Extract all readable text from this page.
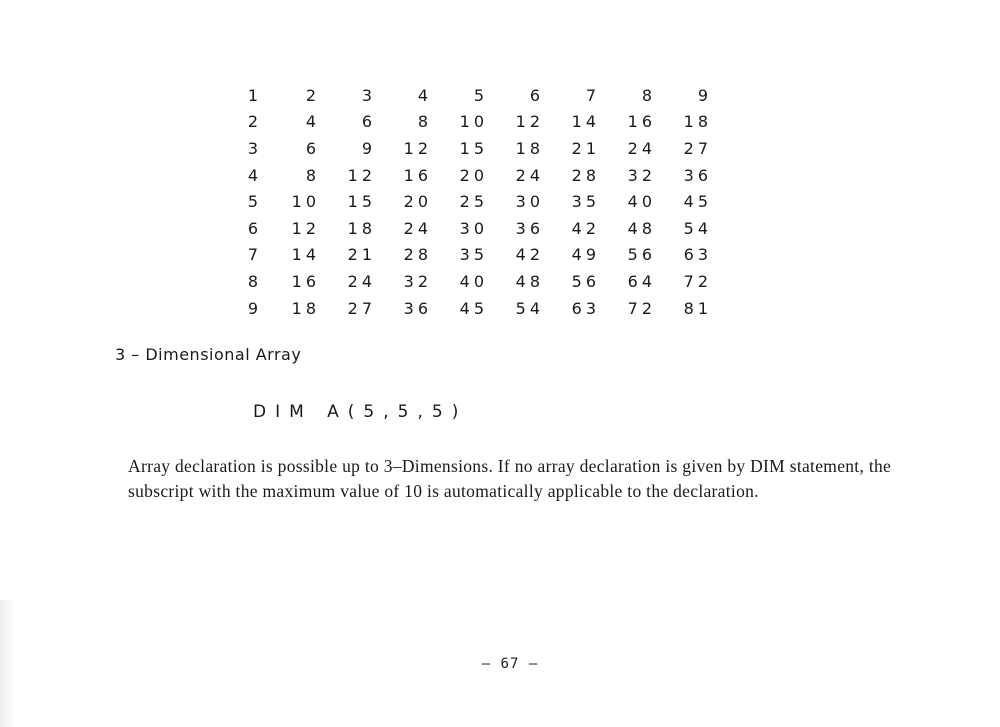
1	2	3	4	5	6	7	8	9
2	4	6	8	10	12	14	16	18
3	6	9	12	15	18	21	24	27
4	8	12	16	20	24	28	32	36
5	10	15	20	25	30	35	40	45
6	12	18	24	30	36	42	48	54
7	14	21	28	35	42	49	56	63
8	16	24	32	40	48	56	64	72
9	18	27	36	45	54	63	72	81
3 – Dimensional Array
DIM A(5,5,5)
Array declaration is possible up to 3–Dimensions. If no array declaration is given by DIM statement, the subscript with the maximum value of 10 is automatically applicable to the declaration.
– 67 –
